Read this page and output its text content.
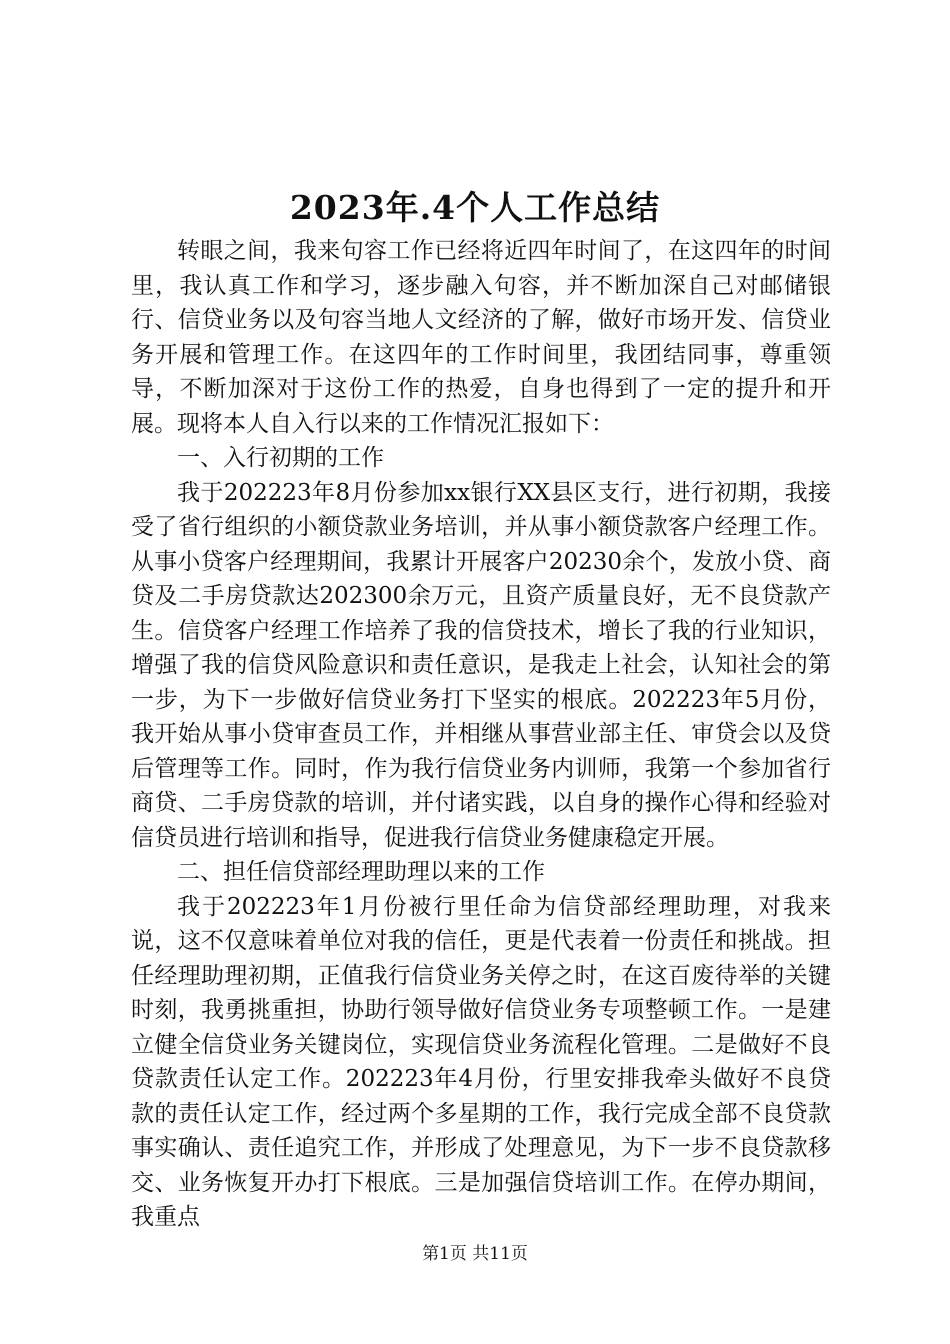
2023年.4个人工作总结

转眼之间，我来句容工作已经将近四年时间了，在这四年的时间里，我认真工作和学习，逐步融入句容，并不断加深自己对邮储银行、信贷业务以及句容当地人文经济的了解，做好市场开发、信贷业务开展和管理工作。在这四年的工作时间里，我团结同事，尊重领导，不断加深对于这份工作的热爱，自身也得到了一定的提升和开展。现将本人自入行以来的工作情况汇报如下：

一、入行初期的工作

我于202223年8月份参加xx银行XX县区支行，进行初期，我接受了省行组织的小额贷款业务培训，并从事小额贷款客户经理工作。从事小贷客户经理期间，我累计开展客户20230余个，发放小贷、商贷及二手房贷款达202300余万元，且资产质量良好，无不良贷款产生。信贷客户经理工作培养了我的信贷技术，增长了我的行业知识，增强了我的信贷风险意识和责任意识，是我走上社会，认知社会的第一步，为下一步做好信贷业务打下坚实的根底。202223年5月份，我开始从事小贷审查员工作，并相继从事营业部主任、审贷会以及贷后管理等工作。同时，作为我行信贷业务内训师，我第一个参加省行商贷、二手房贷款的培训，并付诸实践，以自身的操作心得和经验对信贷员进行培训和指导，促进我行信贷业务健康稳定开展。

二、担任信贷部经理助理以来的工作

我于202223年1月份被行里任命为信贷部经理助理，对我来说，这不仅意味着单位对我的信任，更是代表着一份责任和挑战。担任经理助理初期，正值我行信贷业务关停之时，在这百废待举的关键时刻，我勇挑重担，协助行领导做好信贷业务专项整顿工作。一是建立健全信贷业务关键岗位，实现信贷业务流程化管理。二是做好不良贷款责任认定工作。202223年4月份，行里安排我牵头做好不良贷款的责任认定工作，经过两个多星期的工作，我行完成全部不良贷款事实确认、责任追究工作，并形成了处理意见，为下一步不良贷款移交、业务恢复开办打下根底。三是加强信贷培训工作。在停办期间，我重点

第1页 共11页
